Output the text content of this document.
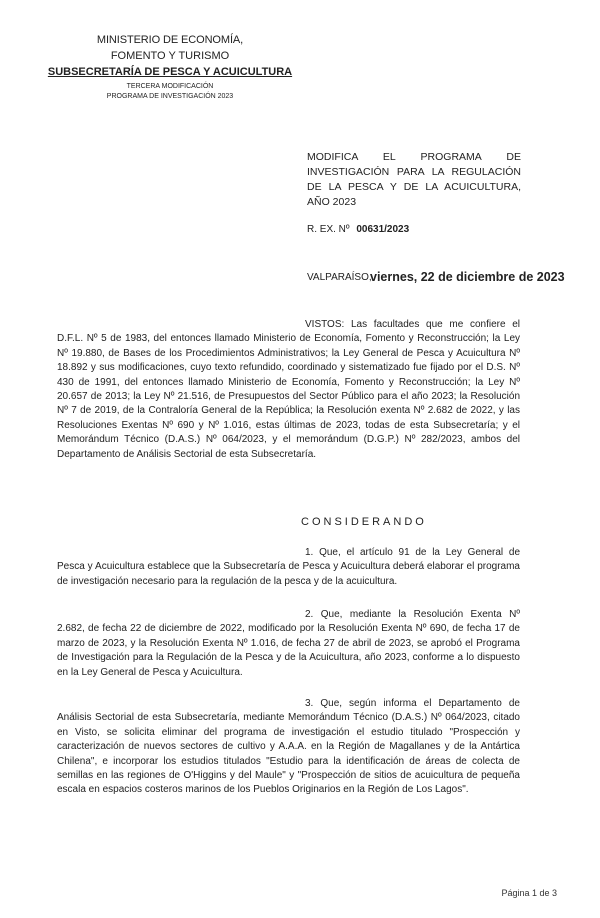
MINISTERIO DE ECONOMÍA,
FOMENTO Y TURISMO
SUBSECRETARÍA DE PESCA Y ACUICULTURA
TERCERA MODIFICACIÓN
PROGRAMA DE INVESTIGACIÓN 2023
MODIFICA EL PROGRAMA DE INVESTIGACIÓN PARA LA REGULACIÓN DE LA PESCA Y DE LA ACUICULTURA, AÑO 2023
R. EX. Nº 00631/2023
VALPARAÍSO,
viernes, 22 de diciembre de 2023

VISTOS: Las facultades que me confiere el D.F.L. Nº 5 de 1983, del entonces llamado Ministerio de Economía, Fomento y Reconstrucción; la Ley Nº 19.880, de Bases de los Procedimientos Administrativos; la Ley General de Pesca y Acuicultura Nº 18.892 y sus modificaciones, cuyo texto refundido, coordinado y sistematizado fue fijado por el D.S. Nº 430 de 1991, del entonces llamado Ministerio de Economía, Fomento y Reconstrucción; la Ley Nº 20.657 de 2013; la Ley Nº 21.516, de Presupuestos del Sector Público para el año 2023; la Resolución Nº 7 de 2019, de la Contraloría General de la República; la Resolución exenta Nº 2.682 de 2022, y las Resoluciones Exentas Nº 690 y Nº 1.016, estas últimas de 2023, todas de esta Subsecretaría; y el Memorándum Técnico (D.A.S.) Nº 064/2023, y el memorándum (D.G.P.) Nº 282/2023, ambos del Departamento de Análisis Sectorial de esta Subsecretaría.

CONSIDERANDO

1. Que, el artículo 91 de la Ley General de Pesca y Acuicultura establece que la Subsecretaría de Pesca y Acuicultura deberá elaborar el programa de investigación necesario para la regulación de la pesca y de la acuicultura.

2. Que, mediante la Resolución Exenta Nº 2.682, de fecha 22 de diciembre de 2022, modificado por la Resolución Exenta Nº 690, de fecha 17 de marzo de 2023, y la Resolución Exenta Nº 1.016, de fecha 27 de abril de 2023, se aprobó el Programa de Investigación para la Regulación de la Pesca y de la Acuicultura, año 2023, conforme a lo dispuesto en la Ley General de Pesca y Acuicultura.

3. Que, según informa el Departamento de Análisis Sectorial de esta Subsecretaría, mediante Memorándum Técnico (D.A.S.) Nº 064/2023, citado en Visto, se solicita eliminar del programa de investigación el estudio titulado "Prospección y caracterización de nuevos sectores de cultivo y A.A.A. en la Región de Magallanes y de la Antártica Chilena", e incorporar los estudios titulados "Estudio para la identificación de áreas de colecta de semillas en las regiones de O'Higgins y del Maule" y "Prospección de sitios de acuicultura de pequeña escala en espacios costeros marinos de los Pueblos Originarios en la Región de Los Lagos".

Página 1 de 3
